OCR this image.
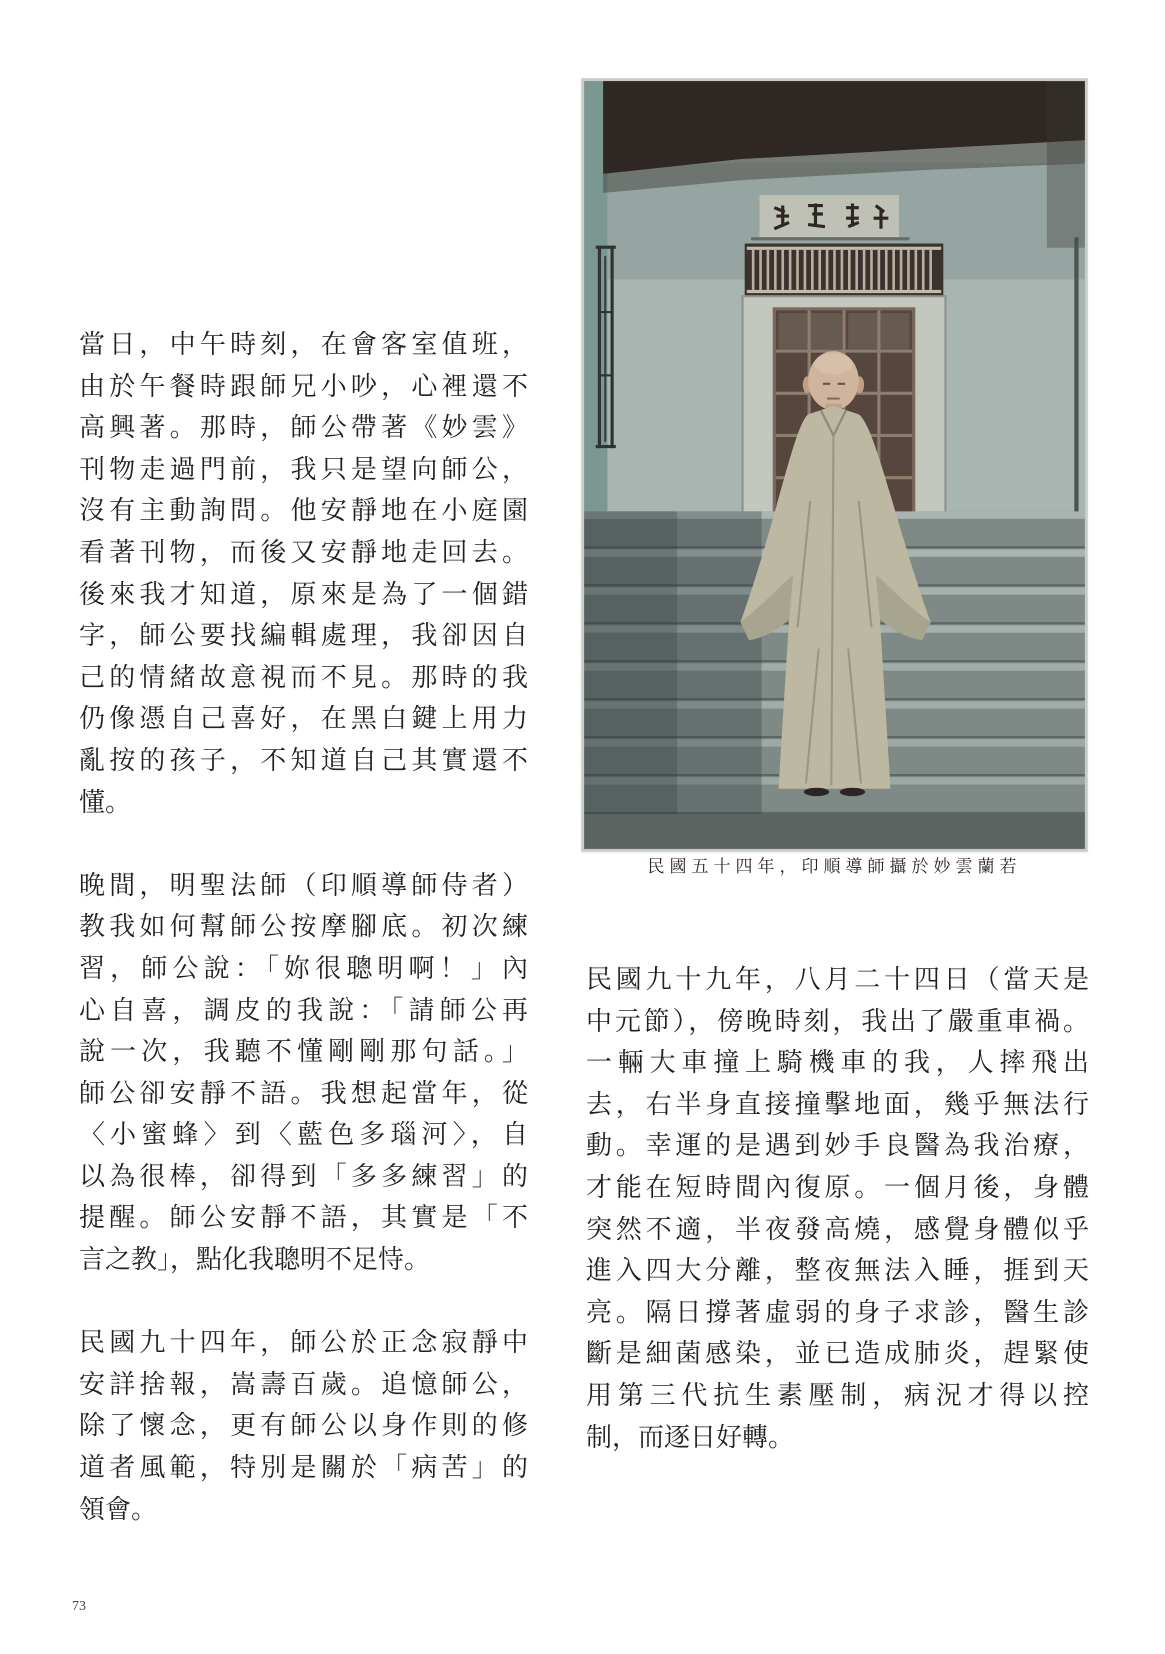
當日，中午時刻，在會客室值班，
由於午餐時跟師兄小吵，心裡還不
高興著。那時，師公帶著《妙雲》
刊物走過門前，我只是望向師公，
沒有主動詢問。他安靜地在小庭園
看著刊物，而後又安靜地走回去。
後來我才知道，原來是為了一個錯
字，師公要找編輯處理，我卻因自
己的情緒故意視而不見。那時的我
仍像憑自己喜好，在黑白鍵上用力
亂按的孩子，不知道自己其實還不
懂。
晚間，明聖法師（印順導師侍者）
教我如何幫師公按摩腳底。初次練
習，師公說：「妳很聰明啊！」內
心自喜，調皮的我說：「請師公再
說一次，我聽不懂剛剛那句話。」
師公卻安靜不語。我想起當年，從
〈小蜜蜂〉到〈藍色多瑙河〉，自
以為很棒，卻得到「多多練習」的
提醒。師公安靜不語，其實是「不
言之教」，點化我聰明不足恃。
民國九十四年，師公於正念寂靜中
安詳捨報，嵩壽百歲。追憶師公，
除了懷念，更有師公以身作則的修
道者風範，特別是關於「病苦」的
領會。
民國五十四年，印順導師攝於妙雲蘭若
民國九十九年，八月二十四日（當天是
中元節），傍晚時刻，我出了嚴重車禍。
一輛大車撞上騎機車的我，人摔飛出
去，右半身直接撞擊地面，幾乎無法行
動。幸運的是遇到妙手良醫為我治療，
才能在短時間內復原。一個月後，身體
突然不適，半夜發高燒，感覺身體似乎
進入四大分離，整夜無法入睡，捱到天
亮。隔日撐著虛弱的身子求診，醫生診
斷是細菌感染，並已造成肺炎，趕緊使
用第三代抗生素壓制，病況才得以控
制，而逐日好轉。
73
